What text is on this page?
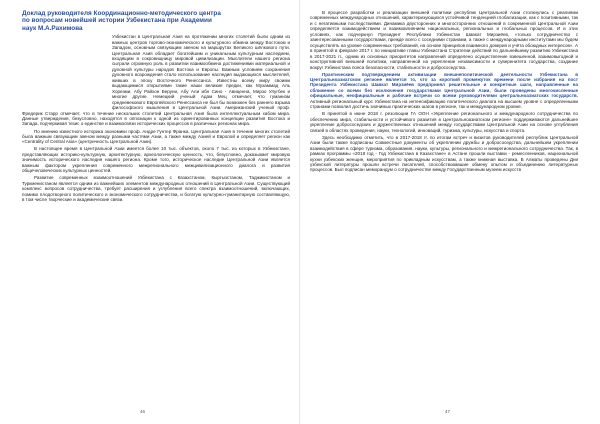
Доклад руководителя Координационно-методического центра по вопросам новейшей истории Узбекистана при Академии наук М.А.Рахимова

Узбекистан в Центральная Азия на протяжении многих столетий были одним из важных центров торгово-экономического и культурного обмена между Востоком и Западом, основным связующим звеном на маршрутах Великого шёлкового пути. Центральная Азия обладает богатейшим и уникальным культурным наследием, входящим в сокровищницу мировой цивилизации. Мыслители нашего региона сыграли огромную роль в развитии взаимообмена достижениями материальной и духовной культуры народов Востока и Европы. Важным условием сохранения духовного возрождения стало использование наследия выдающихся мыслителей, живших в эпоху Восточного Ренессанса. Известны всему миру своими выдающимися открытиями такие наши великие предки, как Мухаммад Аль Хорезми, Абу Райхон Беруни, Абу Али ибн Сино - Авиценна, Мирзо Улугбек и многие другие. Немецкий ученый Адам Мец отмечает, что гуманизм средневекового Европейского Ренессанса не был бы возможен без раннего взрыва философского мышления в Центральной Азии. Американский ученый проф. Фредерик Старр отмечает, что в течение нескольких столетий Центральная Азия была интеллектуальным хабом мира. Данные утверждения, безусловно, находятся в оппозиции к одной из ориентированных концепции развития Востока и Запада, подчеркивая тезис о единстве и взаимосвязи исторических процессов в различных регионах мира.

По мнению известного историка экономики проф. Андре Гунтер Франка, Центральная Азия в течение многих столетий была важным связующим звеном между разными частями Азии, а также между Азией и Европой и определяет регион как «Centrality of Central Asia» (центричность Центральной Азии).

В настоящее время в Центральной Азии имеется более 10 тыс. объектов, около 7 тыс. из которых в Узбекистане, представляющих историко-культурную, архитектурную, археологическую ценность, что, безусловно, доказывает мировую значимость исторического наследия нашего региона. Кроме того, историческое наследие Центральной Азии является важным фактором укрепления современного межрегионального межцивилизационного диалога и развития общечеловеческих культурных ценностей.

Развитие современных взаимоотношений Узбекистана с Казахстаном, Кыргызстаном, Таджикистаном и Туркменистаном является одним из важнейших элементов международных отношений в Центральной Азии. Существующий комплекс вопросов сотрудничества, требует расширения и углубления всего спектра взаимоотношений, включающих, помимо плодотворного политического и экономического сотрудничества, и богатую культурно-гуманитарную составляющую, в том числе творческие и академические связи.

46

В процессе разработки и реализации внешней политики республик Центральной Азии столкнулись с реалиями современных международных отношений, характеризующихся устойчивой тенденцией глобализации, как с позитивными, так и с негативными последствиями. Динамика двусторонних и многосторонних отношений в современной Центральной Азии определяется взаимодействием и взаимовлиянием национальных, региональных и глобальных процессов. И в этих условиях, как подчеркнул Президент Республики Узбекистан Шавкат Мирзиёев, «только сотрудничество с заинтересованными государствами, прежде всего с соседними странами, а также с международными институтами мы будем осуществлять на уровне современных требований, на основе принципов взаимного доверия и учёта обоюдных интересов». А в принятой в феврале 2017 г. по инициативе главы Узбекистана Стратегии действий по дальнейшему развитию Узбекистана в 2017-2021 гг., одним из основных приоритетов направлений определено осуществление взвешенной, взаимовыгодной и конструктивной внешней политики, направленной на укрепление независимости и суверенитета государства, создание вокруг Узбекистана пояса безопасности, стабильности и добрососедства.

Практическим подтверждением активизации внешнеполитической деятельности Узбекистана в Центральноазиатском регионе является то, что за короткий промежуток времени после избрания на пост Президента Узбекистана Шавкат Мирзиёев предпринял решительные и конкретные шаги, направленные на сближение со всеми без исключения государствами Центральной Азии, были проведены многочисленные официальные, неофициальные и рабочие встречи со всеми руководителями центральноазиатских государств. Активный региональный курс Узбекистана на интенсификацию политического диалога на высшем уровне с определенными странами позволил достичь значимых практических шагов в регионе, так и международном уровне.

В принятой в июне 2018 г. резолюции ГА ООН «Укрепление регионального и международного сотрудничества по обеспечению мира, стабильности и устойчивого развития в Центральноазиатском регионе» поддерживаются дальнейшее укрепление добрососедских и дружественных отношений между государствами Центральной Азии на основе углубления связей в областях проведения, науки, технологий, инноваций, туризма, культуры, искусства и спорта.

Здесь необходимо отметить, что в 2017-2018 гг. по итогам встреч и визитов руководителей республик Центральной Азии были также подписаны Совместные документы об укреплении дружбы и добрососедства, дальнейшем укреплении взаимодействия в сфере туризма, образования, науки, культуры, регионального и межрегионального сотрудничества. Так, в рамках программы «2018 год - Год Узбекистана в Казахстане» в Астане прошли выставки - ремесленников, национальной кухни узбекских женщин, мероприятия по прикладным искусствам, а также книжная выставка. В Алматы проведены Дни узбекской литературы прошли встречи писателей, способствовавшие обмену опытом и объединению литературных процессов. Был подписан меморандум о сотрудничестве между Государственным музеем искусств

47
